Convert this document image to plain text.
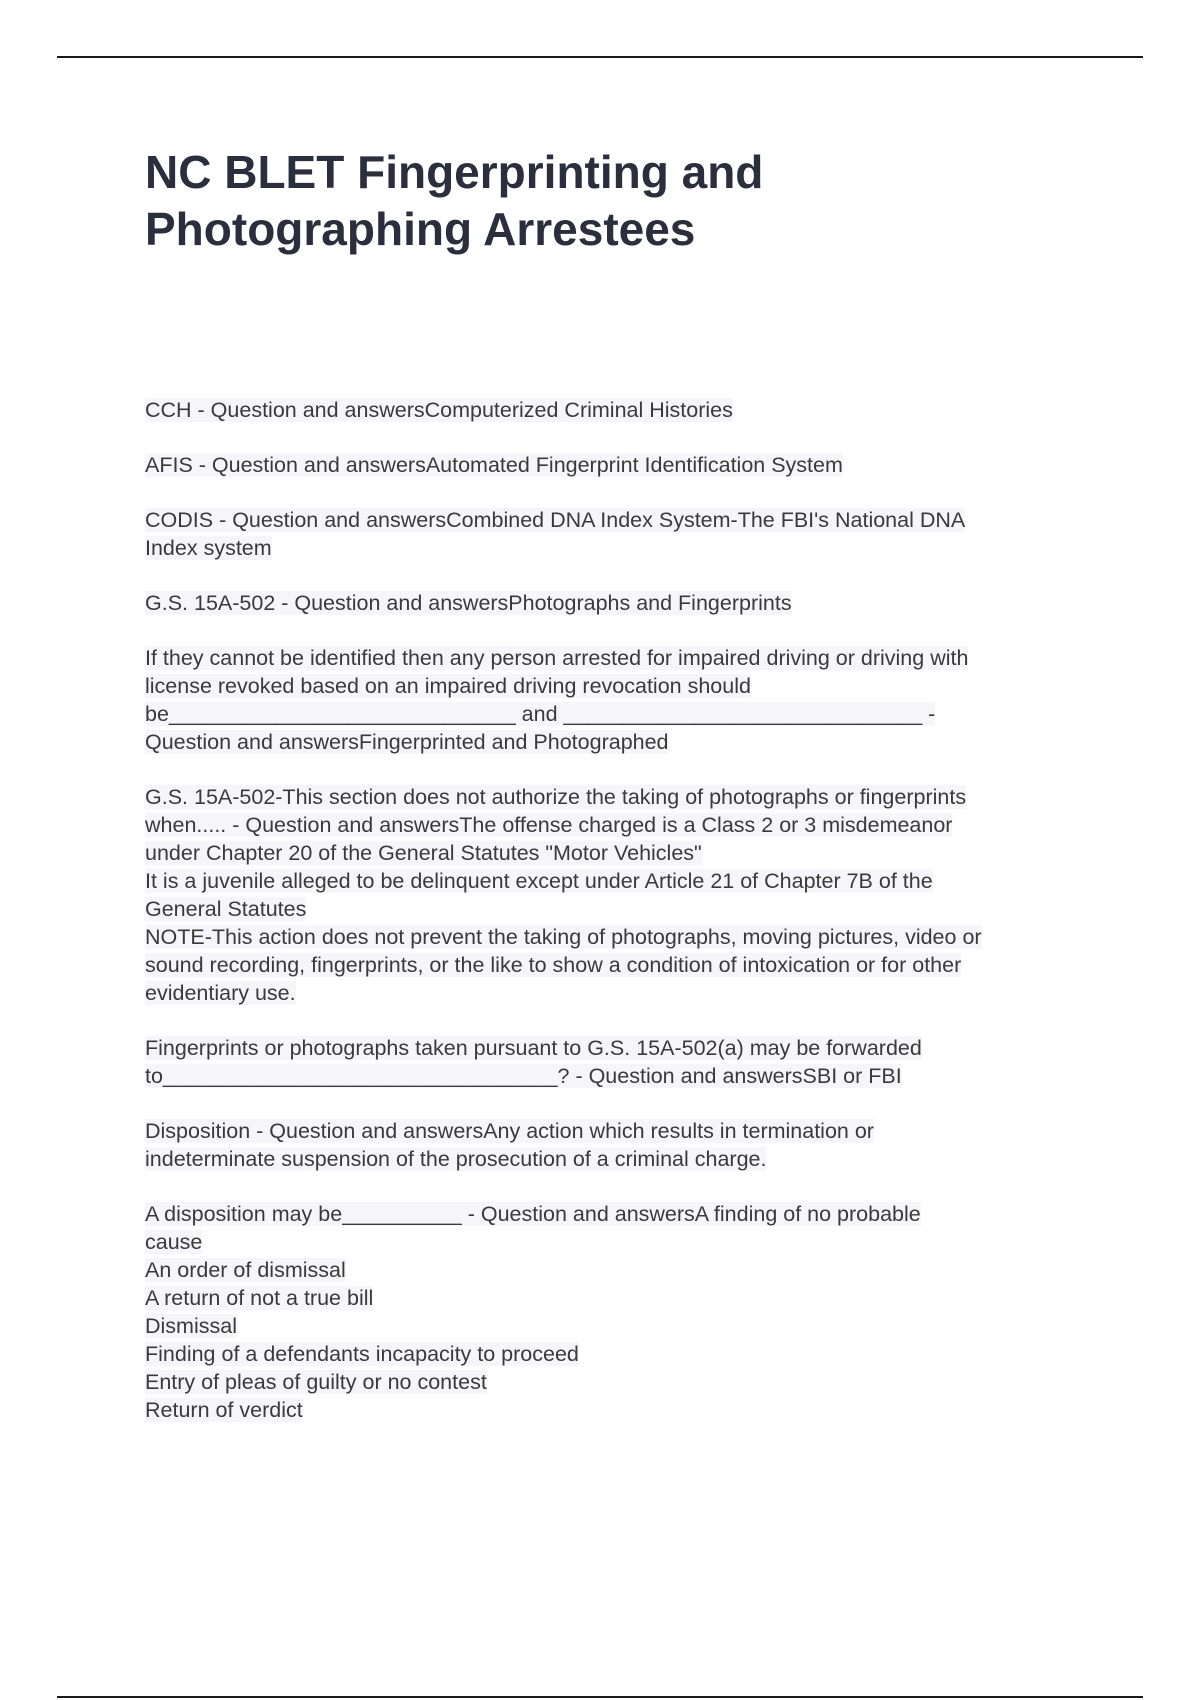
NC BLET Fingerprinting and
Photographing Arrestees

CCH - Question and answersComputerized Criminal Histories

AFIS - Question and answersAutomated Fingerprint Identification System

CODIS - Question and answersCombined DNA Index System-The FBI's National DNA
Index system

G.S. 15A-502 - Question and answersPhotographs and Fingerprints

If they cannot be identified then any person arrested for impaired driving or driving with
license revoked based on an impaired driving revocation should
be_____________________________ and ______________________________ -
Question and answersFingerprinted and Photographed

G.S. 15A-502-This section does not authorize the taking of photographs or fingerprints
when..... - Question and answersThe offense charged is a Class 2 or 3 misdemeanor
under Chapter 20 of the General Statutes "Motor Vehicles"
It is a juvenile alleged to be delinquent except under Article 21 of Chapter 7B of the
General Statutes
NOTE-This action does not prevent the taking of photographs, moving pictures, video or
sound recording, fingerprints, or the like to show a condition of intoxication or for other
evidentiary use.

Fingerprints or photographs taken pursuant to G.S. 15A-502(a) may be forwarded
to_________________________________? - Question and answersSBI or FBI

Disposition - Question and answersAny action which results in termination or
indeterminate suspension of the prosecution of a criminal charge.

A disposition may be__________ - Question and answersA finding of no probable
cause
An order of dismissal
A return of not a true bill
Dismissal
Finding of a defendants incapacity to proceed
Entry of pleas of guilty or no contest
Return of verdict
